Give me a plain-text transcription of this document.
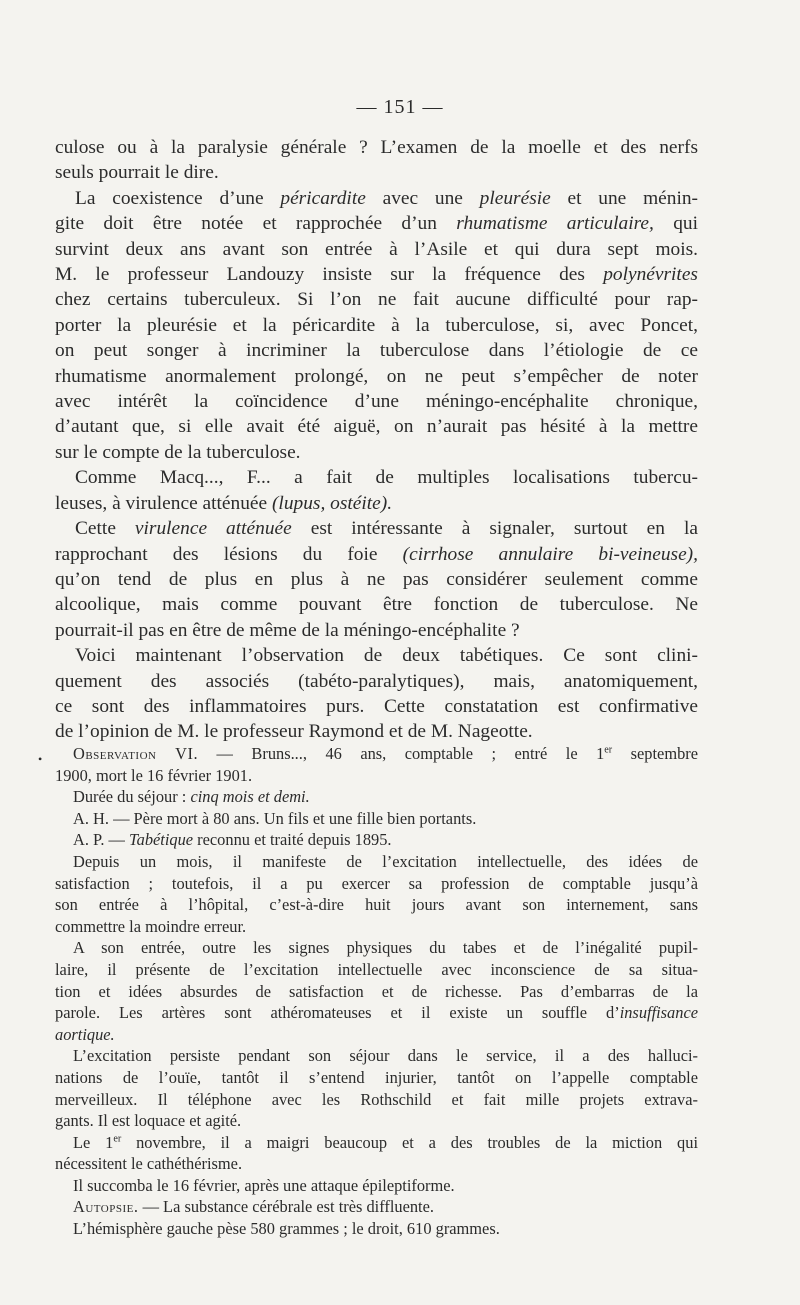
— 151 —
culose ou à la paralysie générale ? L’examen de la moelle et des nerfs
seuls pourrait le dire.
La coexistence d’une péricardite avec une pleurésie et une ménin-
gite doit être notée et rapprochée d’un rhumatisme articulaire, qui
survint deux ans avant son entrée à l’Asile et qui dura sept mois.
M. le professeur Landouzy insiste sur la fréquence des polynévrites
chez certains tuberculeux. Si l’on ne fait aucune difficulté pour rap-
porter la pleurésie et la péricardite à la tuberculose, si, avec Poncet,
on peut songer à incriminer la tuberculose dans l’étiologie de ce
rhumatisme anormalement prolongé, on ne peut s’empêcher de noter
avec intérêt la coïncidence d’une méningo-encéphalite chronique,
d’autant que, si elle avait été aiguë, on n’aurait pas hésité à la mettre
sur le compte de la tuberculose.
Comme Macq..., F... a fait de multiples localisations tubercu-
leuses, à virulence atténuée (lupus, ostéite).
Cette virulence atténuée est intéressante à signaler, surtout en la
rapprochant des lésions du foie (cirrhose annulaire bi-veineuse),
qu’on tend de plus en plus à ne pas considérer seulement comme
alcoolique, mais comme pouvant être fonction de tuberculose. Ne
pourrait-il pas en être de même de la méningo-encéphalite ?
Voici maintenant l’observation de deux tabétiques. Ce sont clini-
quement des associés (tabéto-paralytiques), mais, anatomiquement,
ce sont des inflammatoires purs. Cette constatation est confirmative
de l’opinion de M. le professeur Raymond et de M. Nageotte.
•	Observation VI. — Bruns..., 46 ans, comptable ; entré le 1er septembre
1900, mort le 16 février 1901.
Durée du séjour : cinq mois et demi.
A. H. — Père mort à 80 ans. Un fils et une fille bien portants.
A. P. — Tabétique reconnu et traité depuis 1895.
Depuis un mois, il manifeste de l’excitation intellectuelle, des idées de
satisfaction ; toutefois, il a pu exercer sa profession de comptable jusqu’à
son entrée à l’hôpital, c’est-à-dire huit jours avant son internement, sans
commettre la moindre erreur.
A son entrée, outre les signes physiques du tabes et de l’inégalité pupil-
laire, il présente de l’excitation intellectuelle avec inconscience de sa situa-
tion et idées absurdes de satisfaction et de richesse. Pas d’embarras de la
parole. Les artères sont athéromateuses et il existe un souffle d’insuffisance
aortique.
L’excitation persiste pendant son séjour dans le service, il a des halluci-
nations de l’ouïe, tantôt il s’entend injurier, tantôt on l’appelle comptable
merveilleux. Il téléphone avec les Rothschild et fait mille projets extrava-
gants. Il est loquace et agité.
Le 1er novembre, il a maigri beaucoup et a des troubles de la miction qui
nécessitent le cathéthérisme.
Il succomba le 16 février, après une attaque épileptiforme.
Autopsie. — La substance cérébrale est très diffluente.
L’hémisphère gauche pèse 580 grammes ; le droit, 610 grammes.
